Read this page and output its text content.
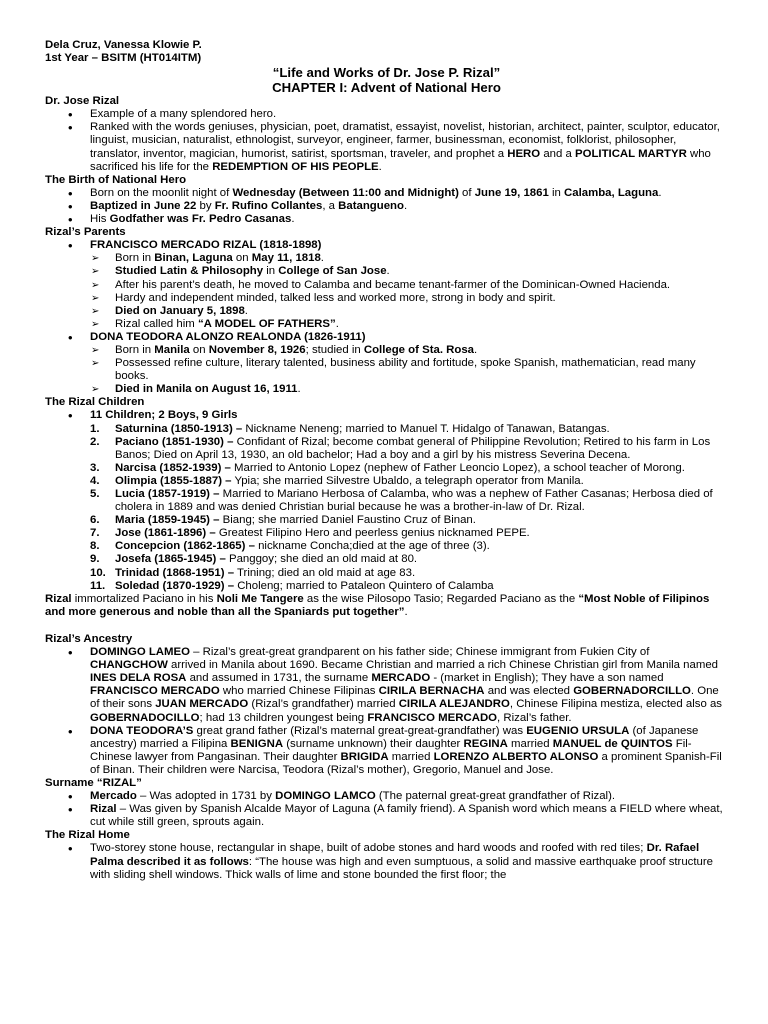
Dela Cruz, Vanessa Klowie P.
1st Year – BSITM (HT014ITM)
“Life and Works of Dr. Jose P. Rizal”
CHAPTER I: Advent of National Hero
Dr. Jose Rizal
• Example of a many splendored hero.
• Ranked with the words geniuses, physician, poet, dramatist, essayist, novelist, historian, architect, painter, sculptor, educator, linguist, musician, naturalist, ethnologist, surveyor, engineer, farmer, businessman, economist, folklorist, philosopher, translator, inventor, magician, humorist, satirist, sportsman, traveler, and prophet a HERO and a POLITICAL MARTYR who sacrificed his life for the REDEMPTION OF HIS PEOPLE.
The Birth of National Hero
• Born on the moonlit night of Wednesday (Between 11:00 and Midnight) of June 19, 1861 in Calamba, Laguna.
• Baptized in June 22 by Fr. Rufino Collantes, a Batangueno.
• His Godfather was Fr. Pedro Casanas.
Rizal’s Parents
• FRANCISCO MERCADO RIZAL (1818-1898)
➢ Born in Binan, Laguna on May 11, 1818.
➢ Studied Latin & Philosophy in College of San Jose.
➢ After his parent’s death, he moved to Calamba and became tenant-farmer of the Dominican-Owned Hacienda.
➢ Hardy and independent minded, talked less and worked more, strong in body and spirit.
➢ Died on January 5, 1898.
➢ Rizal called him “A MODEL OF FATHERS”.
• DONA TEODORA ALONZO REALONDA (1826-1911)
➢ Born in Manila on November 8, 1926; studied in College of Sta. Rosa.
➢ Possessed refine culture, literary talented, business ability and fortitude, spoke Spanish, mathematician, read many books.
➢ Died in Manila on August 16, 1911.
The Rizal Children
• 11 Children; 2 Boys, 9 Girls
1. Saturnina (1850-1913) – Nickname Neneng; married to Manuel T. Hidalgo of Tanawan, Batangas.
2. Paciano (1851-1930) – Confidant of Rizal; become combat general of Philippine Revolution; Retired to his farm in Los Banos; Died on April 13, 1930, an old bachelor; Had a boy and a girl by his mistress Severina Decena.
3. Narcisa (1852-1939) – Married to Antonio Lopez (nephew of Father Leoncio Lopez), a school teacher of Morong.
4. Olimpia (1855-1887) – Ypia; she married Silvestre Ubaldo, a telegraph operator from Manila.
5. Lucia (1857-1919) – Married to Mariano Herbosa of Calamba, who was a nephew of Father Casanas; Herbosa died of cholera in 1889 and was denied Christian burial because he was a brother-in-law of Dr. Rizal.
6. Maria (1859-1945) – Biang; she married Daniel Faustino Cruz of Binan.
7. Jose (1861-1896) – Greatest Filipino Hero and peerless genius nicknamed PEPE.
8. Concepcion (1862-1865) – nickname Concha;died at the age of three (3).
9. Josefa (1865-1945) – Panggoy; she died an old maid at 80.
10. Trinidad (1868-1951) – Trining; died an old maid at age 83.
11. Soledad (1870-1929) – Choleng; married to Pataleon Quintero of Calamba

Rizal immortalized Paciano in his Noli Me Tangere as the wise Pilosopo Tasio; Regarded Paciano as the “Most Noble of Filipinos and more generous and noble than all the Spaniards put together”.

Rizal’s Ancestry
• DOMINGO LAMEO – Rizal’s great-great grandparent on his father side; Chinese immigrant from Fukien City of CHANGCHOW arrived in Manila about 1690. Became Christian and married a rich Chinese Christian girl from Manila named INES DELA ROSA and assumed in 1731, the surname MERCADO - (market in English); They have a son named FRANCISCO MERCADO who married Chinese Filipinas CIRILA BERNACHA and was elected GOBERNADORCILLO. One of their sons JUAN MERCADO (Rizal’s grandfather) married CIRILA ALEJANDRO, Chinese Filipina mestiza, elected also as GOBERNADOCILLO; had 13 children youngest being FRANCISCO MERCADO, Rizal’s father.
• DONA TEODORA’S great grand father (Rizal’s maternal great-great-grandfather) was EUGENIO URSULA (of Japanese ancestry) married a Filipina BENIGNA (surname unknown) their daughter REGINA married MANUEL de QUINTOS Fil-Chinese lawyer from Pangasinan. Their daughter BRIGIDA married LORENZO ALBERTO ALONSO a prominent Spanish-Fil of Binan. Their children were Narcisa, Teodora (Rizal’s mother), Gregorio, Manuel and Jose.
Surname “RIZAL”
• Mercado – Was adopted in 1731 by DOMINGO LAMCO (The paternal great-great grandfather of Rizal).
• Rizal – Was given by Spanish Alcalde Mayor of Laguna (A family friend). A Spanish word which means a FIELD where wheat, cut while still green, sprouts again.
The Rizal Home
• Two-storey stone house, rectangular in shape, built of adobe stones and hard woods and roofed with red tiles; Dr. Rafael Palma described it as follows: “The house was high and even sumptuous, a solid and massive earthquake proof structure with sliding shell windows. Thick walls of lime and stone bounded the first floor; the
